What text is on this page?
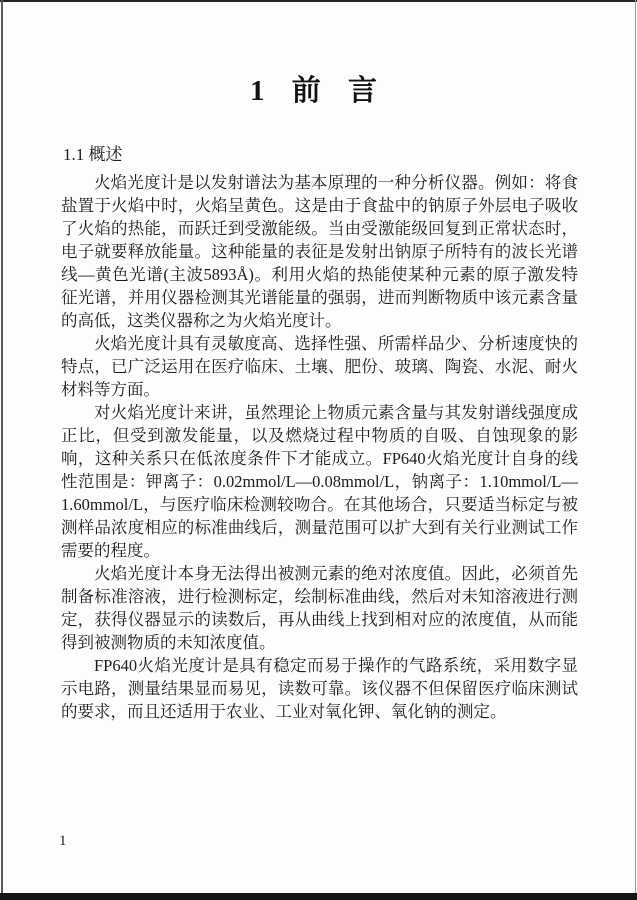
1 前 言
1.1 概述

火焰光度计是以发射谱法为基本原理的一种分析仪器。例如：将食盐置于火焰中时，火焰呈黄色。这是由于食盐中的钠原子外层电子吸收了火焰的热能，而跃迁到受激能级。当由受激能级回复到正常状态时，电子就要释放能量。这种能量的表征是发射出钠原子所特有的波长光谱线—黄色光谱(主波5893Å)。利用火焰的热能使某种元素的原子激发特征光谱，并用仪器检测其光谱能量的强弱，进而判断物质中该元素含量的高低，这类仪器称之为火焰光度计。

火焰光度计具有灵敏度高、选择性强、所需样品少、分析速度快的特点，已广泛运用在医疗临床、土壤、肥份、玻璃、陶瓷、水泥、耐火材料等方面。

对火焰光度计来讲，虽然理论上物质元素含量与其发射谱线强度成正比，但受到激发能量，以及燃烧过程中物质的自吸、自蚀现象的影响，这种关系只在低浓度条件下才能成立。FP640火焰光度计自身的线性范围是：钾离子：0.02mmol/L—0.08mmol/L，钠离子：1.10mmol/L—1.60mmol/L，与医疗临床检测较吻合。在其他场合，只要适当标定与被测样品浓度相应的标准曲线后，测量范围可以扩大到有关行业测试工作需要的程度。

火焰光度计本身无法得出被测元素的绝对浓度值。因此，必须首先制备标准溶液，进行检测标定，绘制标准曲线，然后对未知溶液进行测定，获得仪器显示的读数后，再从曲线上找到相对应的浓度值，从而能得到被测物质的未知浓度值。

FP640火焰光度计是具有稳定而易于操作的气路系统，采用数字显示电路，测量结果显而易见，读数可靠。该仪器不但保留医疗临床测试的要求，而且还适用于农业、工业对氧化钾、氧化钠的测定。

1
